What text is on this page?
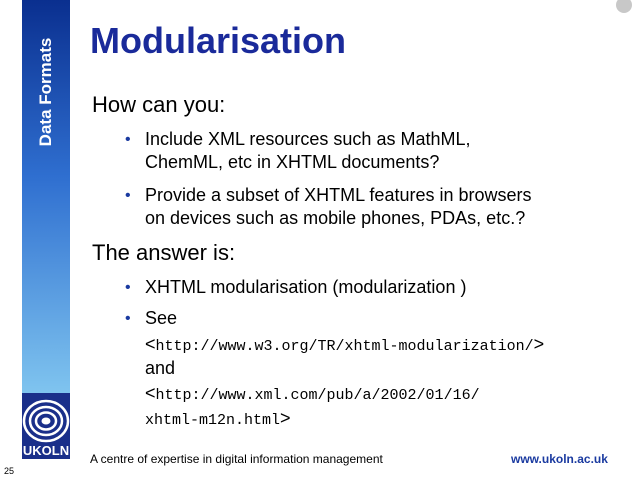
Data Formats
UKOLN
Modularisation
How can you:
• Include XML resources such as MathML,
ChemML, etc in XHTML documents?
• Provide a subset of XHTML features in browsers
on devices such as mobile phones, PDAs, etc.?
The answer is:
• XHTML modularisation (modularization )
• See
<http://www.w3.org/TR/xhtml-modularization/>
and
<http://www.xml.com/pub/a/2002/01/16/
xhtml-m12n.html>
25
A centre of expertise in digital information management	www.ukoln.ac.uk
